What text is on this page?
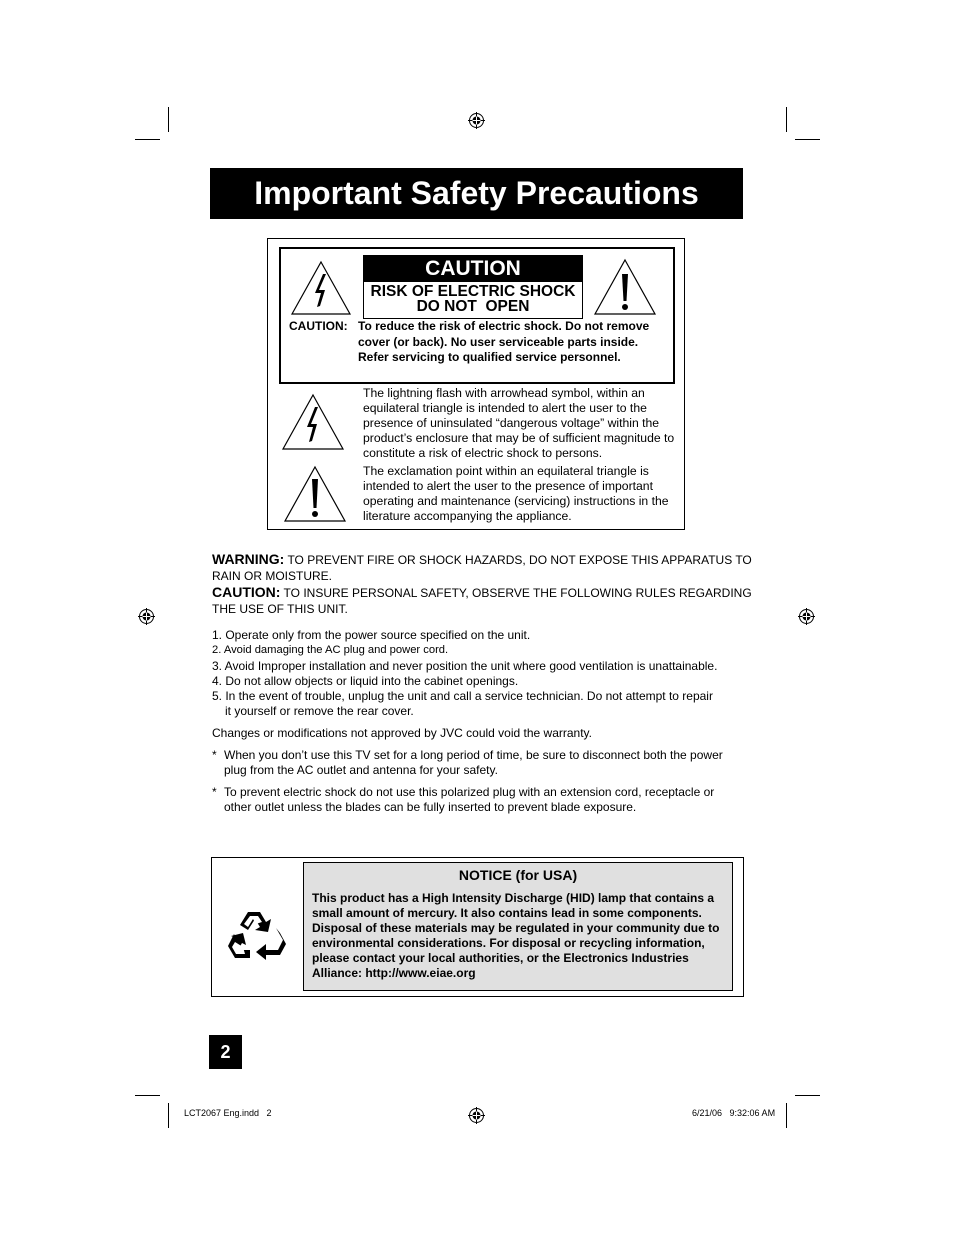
Important Safety Precautions
CAUTION
RISK OF ELECTRIC SHOCK
DO NOT  OPEN
CAUTION: To reduce the risk of electric shock. Do not remove cover (or back). No user serviceable parts inside. Refer servicing to qualified service personnel.
The lightning flash with arrowhead symbol, within an equilateral triangle is intended to alert the user to the presence of uninsulated “dangerous voltage” within the product’s enclosure that may be of sufficient magnitude to constitute a risk of electric shock to persons.
The exclamation point within an equilateral triangle is intended to alert the user to the presence of important operating and maintenance (servicing) instructions in the literature accompanying the appliance.
WARNING: TO PREVENT FIRE OR SHOCK HAZARDS, DO NOT EXPOSE THIS APPARATUS TO RAIN OR MOISTURE.
CAUTION: TO INSURE PERSONAL SAFETY, OBSERVE THE FOLLOWING RULES REGARDING THE USE OF THIS UNIT.
1. Operate only from the power source specified on the unit.
2. Avoid damaging the AC plug and power cord.
3. Avoid Improper installation and never position the unit where good ventilation is unattainable.
4. Do not allow objects or liquid into the cabinet openings.
5. In the event of trouble, unplug the unit and call a service technician. Do not attempt to repair
it yourself or remove the rear cover.
Changes or modifications not approved by JVC could void the warranty.
* When you don’t use this TV set for a long period of time, be sure to disconnect both the power plug from the AC outlet and antenna for your safety.
* To prevent electric shock do not use this polarized plug with an extension cord, receptacle or other outlet unless the blades can be fully inserted to prevent blade exposure.
NOTICE (for USA)
This product has a High Intensity Discharge (HID) lamp that contains a small amount of mercury. It also contains lead in some components. Disposal of these materials may be regulated in your community due to environmental considerations. For disposal or recycling information, please contact your local authorities, or the Electronics Industries Alliance: http://www.eiae.org
2
LCT2067 Eng.indd   2	6/21/06   9:32:06 AM
